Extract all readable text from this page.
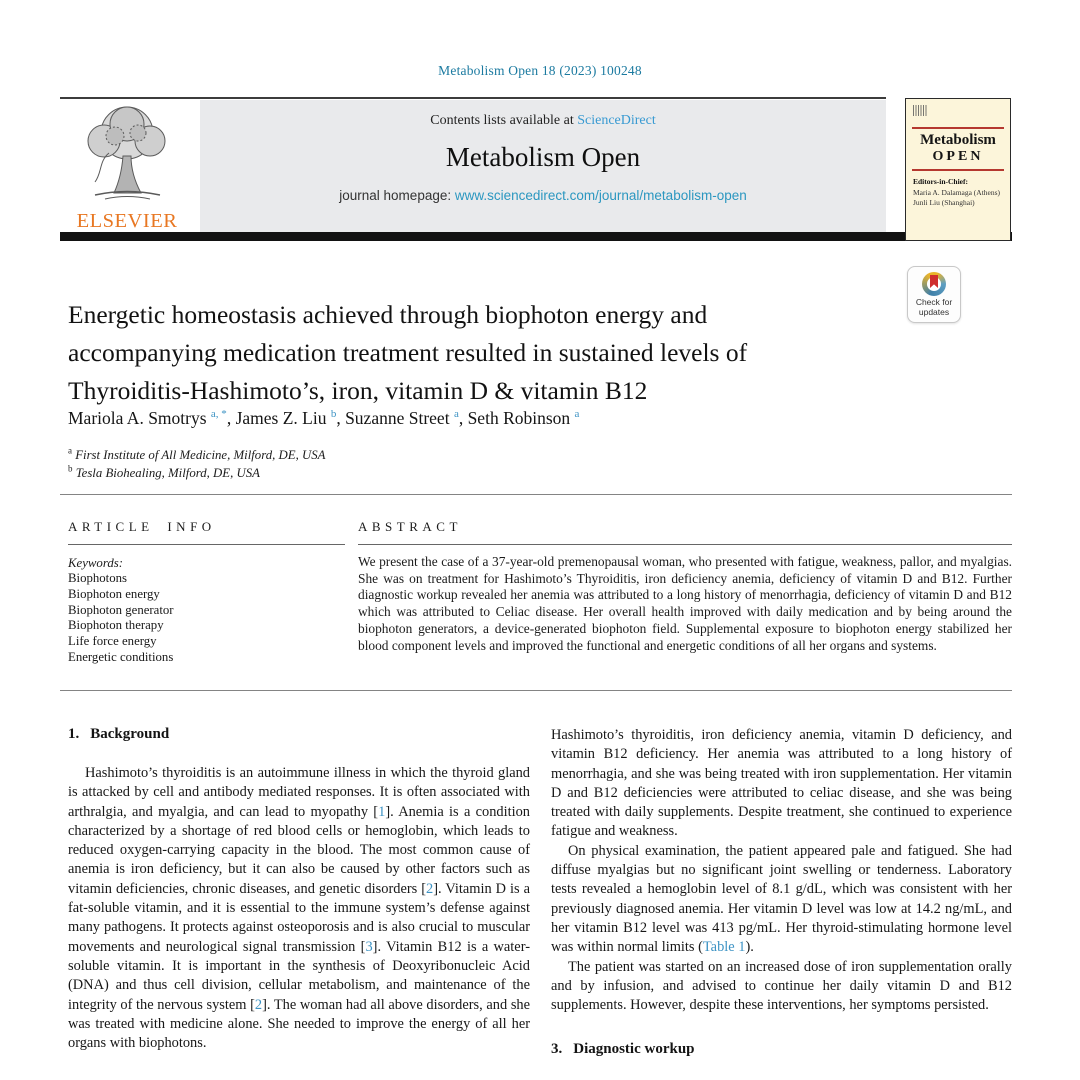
Metabolism Open 18 (2023) 100248
ELSEVIER
Contents lists available at ScienceDirect
Metabolism Open
journal homepage: www.sciencedirect.com/journal/metabolism-open
Metabolism
OPEN
Editors-in-Chief:
Maria A. Dalamaga (Athens)
Junli Liu (Shanghai)
Check for
updates
Energetic homeostasis achieved through biophoton energy and accompanying medication treatment resulted in sustained levels of Thyroiditis-Hashimoto’s, iron, vitamin D & vitamin B12
Mariola A. Smotrys $^{a, *}$, James Z. Liu $^b$, Suzanne Street $^a$, Seth Robinson $^a$
$^a$ First Institute of All Medicine, Milford, DE, USA
$^b$ Tesla Biohealing, Milford, DE, USA
ARTICLE INFO
Keywords:
Biophotons
Biophoton energy
Biophoton generator
Biophoton therapy
Life force energy
Energetic conditions
ABSTRACT
We present the case of a 37-year-old premenopausal woman, who presented with fatigue, weakness, pallor, and myalgias. She was on treatment for Hashimoto’s Thyroiditis, iron deficiency anemia, deficiency of vitamin D and B12. Further diagnostic workup revealed her anemia was attributed to a long history of menorrhagia, deficiency of vitamin D and B12 which was attributed to Celiac disease. Her overall health improved with daily medication and by being around the biophoton generators, a device-generated biophoton field. Supplemental exposure to biophoton energy stabilized her blood component levels and improved the functional and energetic conditions of all her organs and systems.
1. Background

Hashimoto’s thyroiditis is an autoimmune illness in which the thyroid gland is attacked by cell and antibody mediated responses. It is often associated with arthralgia, and myalgia, and can lead to myopathy [1]. Anemia is a condition characterized by a shortage of red blood cells or hemoglobin, which leads to reduced oxygen-carrying capacity in the blood. The most common cause of anemia is iron deficiency, but it can also be caused by other factors such as vitamin deficiencies, chronic diseases, and genetic disorders [2]. Vitamin D is a fat-soluble vitamin, and it is essential to the immune system’s defense against many pathogens. It protects against osteoporosis and is also crucial to muscular movements and neurological signal transmission [3]. Vitamin B12 is a water-soluble vitamin. It is important in the synthesis of Deoxyribonucleic Acid (DNA) and thus cell division, cellular metabolism, and maintenance of the integrity of the nervous system [2]. The woman had all above disorders, and she was treated with medicine alone. She needed to improve the energy of all her organs with biophotons.

Hashimoto’s thyroiditis, iron deficiency anemia, vitamin D deficiency, and vitamin B12 deficiency. Her anemia was attributed to a long history of menorrhagia, and she was being treated with iron supplementation. Her vitamin D and B12 deficiencies were attributed to celiac disease, and she was being treated with daily supplements. Despite treatment, she continued to experience fatigue and weakness.

On physical examination, the patient appeared pale and fatigued. She had diffuse myalgias but no significant joint swelling or tenderness. Laboratory tests revealed a hemoglobin level of 8.1 g/dL, which was consistent with her previously diagnosed anemia. Her vitamin D level was low at 14.2 ng/mL, and her vitamin B12 level was 413 pg/mL. Her thyroid-stimulating hormone level was within normal limits (Table 1).

The patient was started on an increased dose of iron supplementation orally and by infusion, and advised to continue her daily vitamin D and B12 supplements. However, despite these interventions, her symptoms persisted.

3. Diagnostic workup
